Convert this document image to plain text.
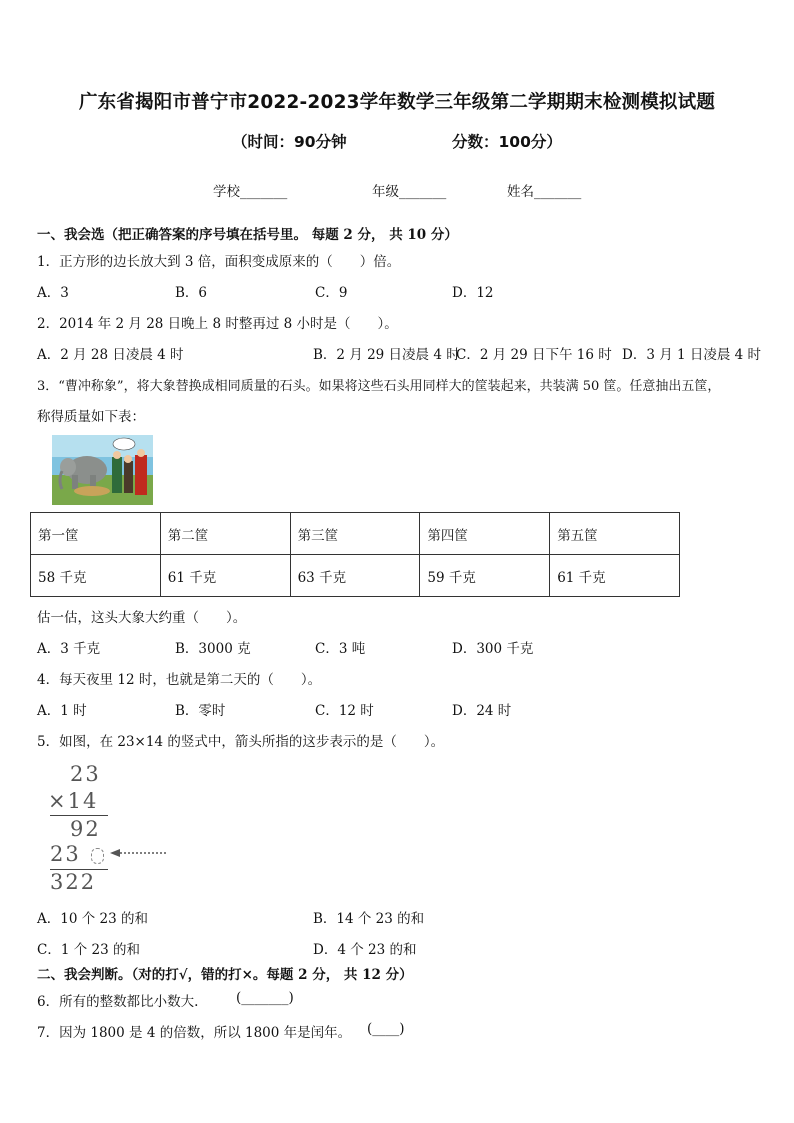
广东省揭阳市普宁市2022-2023学年数学三年级第二学期期末检测模拟试题
（时间：90分钟	分数：100分）
学校_______	年级_______	姓名_______
一、我会选（把正确答案的序号填在括号里。 每题 2 分， 共 10 分）
1．正方形的边长放大到 3 倍，面积变成原来的（　　）倍。
A．3	B．6	C．9	D．12
2．2014 年 2 月 28 日晚上 8 时整再过 8 小时是（　　）。
A．2 月 28 日凌晨 4 时	B．2 月 29 日凌晨 4 时
C．2 月 29 日下午 16 时 D．3 月 1 日凌晨 4 时
3．“曹冲称象”，将大象替换成相同质量的石头。如果将这些石头用同样大的筐装起来，共装满 50 筐。任意抽出五筐，
称得质量如下表：
第一筐	第二筐	第三筐	第四筐	第五筐
58 千克	61 千克	63 千克	59 千克	61 千克
估一估，这头大象大约重（　　）。
A．3 千克	B．3000 克	C．3 吨	D．300 千克
4．每天夜里 12 时，也就是第二天的（　　）。
A．1 时	B．零时	C．12 时	D．24 时
5．如图，在 23×14 的竖式中，箭头所指的这步表示的是（　　）。
23
×14
92
23
322
A．10 个 23 的和	B．14 个 23 的和
C．1 个 23 的和	D．4 个 23 的和
二、我会判断。（对的打√，错的打×。每题 2 分， 共 12 分）
6．所有的整数都比小数大.	(_______)
7．因为 1800 是 4 的倍数，所以 1800 年是闰年。 (____)
